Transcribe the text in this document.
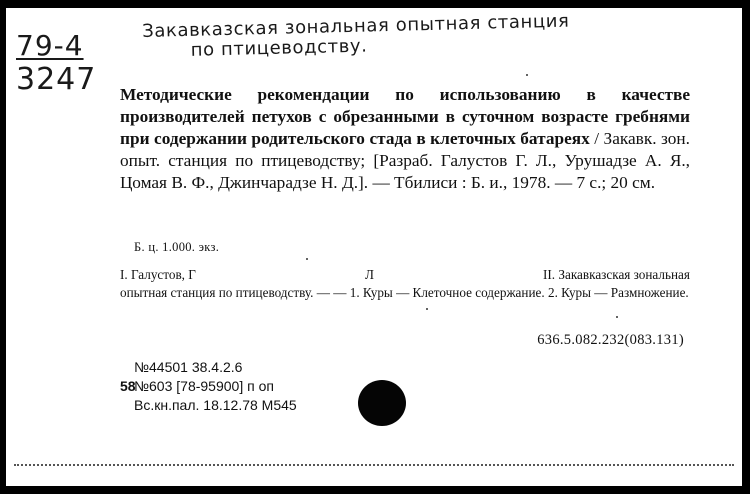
79-4
3247
Закавказская зональная опытная станция
по птицеводству.
Методические рекомендации по использованию в качестве производителей петухов с обрезанными в суточном возрасте гребнями при содержании родительского стада в клеточных батареях / Закавк. зон. опыт. станция по птицеводству; [Разраб. Галустов Г. Л., Урушадзе А. Я., Цомая В. Ф., Джинчарадзе Н. Д.]. — Тбилиси : Б. и., 1978. — 7 с.; 20 см.
Б. ц. 1.000. экз.
I. Галустов, Г	Л	II. Закавказская зональная
опытная станция по птицеводству. — — 1. Куры — Клеточное содержание. 2. Куры — Размножение.
636.5.082.232(083.131)
№44501 38.4.2.6
58
№603 [78-95900] п оп
Вс.кн.пал. 18.12.78 М545
